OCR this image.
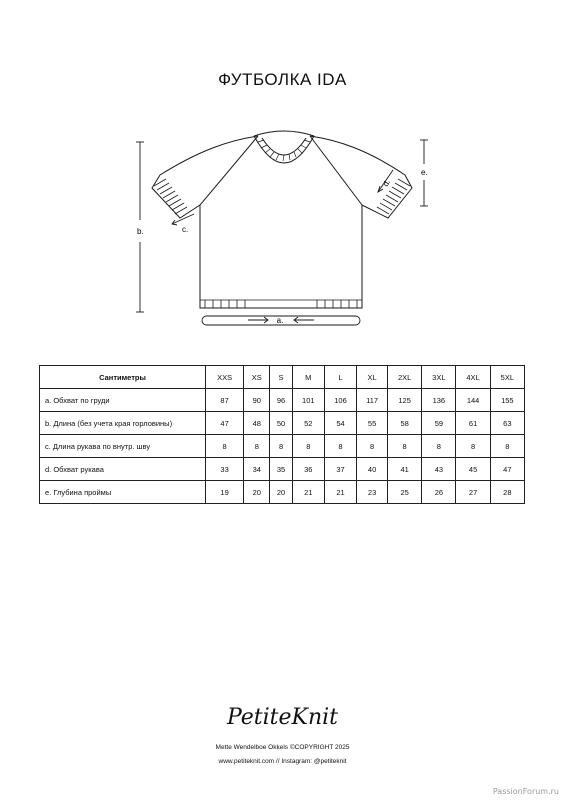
ФУТБОЛКА IDA
a.
b.	c.
d.
e.
Сантиметры	XXS	XS	S	M	L	XL	2XL	3XL	4XL	5XL
a. Обхват по груди	87	90	96	101	106	117	125	136	144	155
b. Длина (без учета края горловины)	47	48	50	52	54	55	58	59	61	63
c. Длина рукава по внутр. шву	8	8	8	8	8	8	8	8	8	8
d. Обхват рукава	33	34	35	36	37	40	41	43	45	47
e. Глубина проймы	19	20	20	21	21	23	25	26	27	28
PetiteKnit
Mette Wendelboe Okkels ©COPYRIGHT 2025
www.petiteknit.com // Instagram: @petiteknit
PassionForum.ru
